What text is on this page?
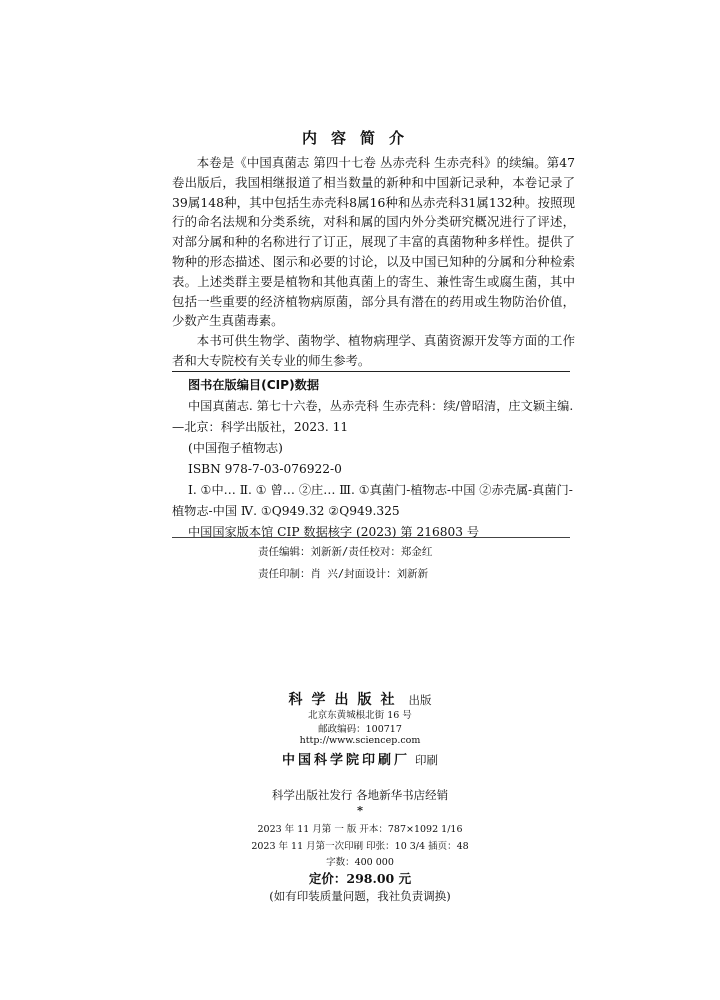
内容简介

本卷是《中国真菌志 第四十七卷 丛赤壳科 生赤壳科》的续编。第47卷出版后，我国相继报道了相当数量的新种和中国新记录种，本卷记录了39属148种，其中包括生赤壳科8属16种和丛赤壳科31属132种。按照现行的命名法规和分类系统，对科和属的国内外分类研究概况进行了评述，对部分属和种的名称进行了订正，展现了丰富的真菌物种多样性。提供了物种的形态描述、图示和必要的讨论，以及中国已知种的分属和分种检索表。上述类群主要是植物和其他真菌上的寄生、兼性寄生或腐生菌，其中包括一些重要的经济植物病原菌，部分具有潜在的药用或生物防治价值，少数产生真菌毒素。

本书可供生物学、菌物学、植物病理学、真菌资源开发等方面的工作者和大专院校有关专业的师生参考。

图书在版编目(CIP)数据
中国真菌志. 第七十六卷，丛赤壳科 生赤壳科：续/曾昭清，庄文颖主编. —北京：科学出版社，2023. 11
(中国孢子植物志)
ISBN 978-7-03-076922-0
Ⅰ. ①中… Ⅱ. ① 曾… ②庄… Ⅲ. ①真菌门-植物志-中国 ②赤壳属-真菌门-植物志-中国 Ⅳ. ①Q949.32 ②Q949.325
中国国家版本馆 CIP 数据核字 (2023) 第 216803 号
责任编辑：刘新新/责任校对：郑金红
责任印制：肖 兴/封面设计：刘新新
科学出版社 出版
北京东黄城根北街 16 号
邮政编码：100717
http://www.sciencep.com
中国科学院印刷厂 印刷
科学出版社发行 各地新华书店经销
*
2023 年 11 月第 一 版 开本：787×1092 1/16
2023 年 11 月第一次印刷 印张：10 3/4 插页：48
字数：400 000
定价：298.00 元
(如有印装质量问题，我社负责调换)
